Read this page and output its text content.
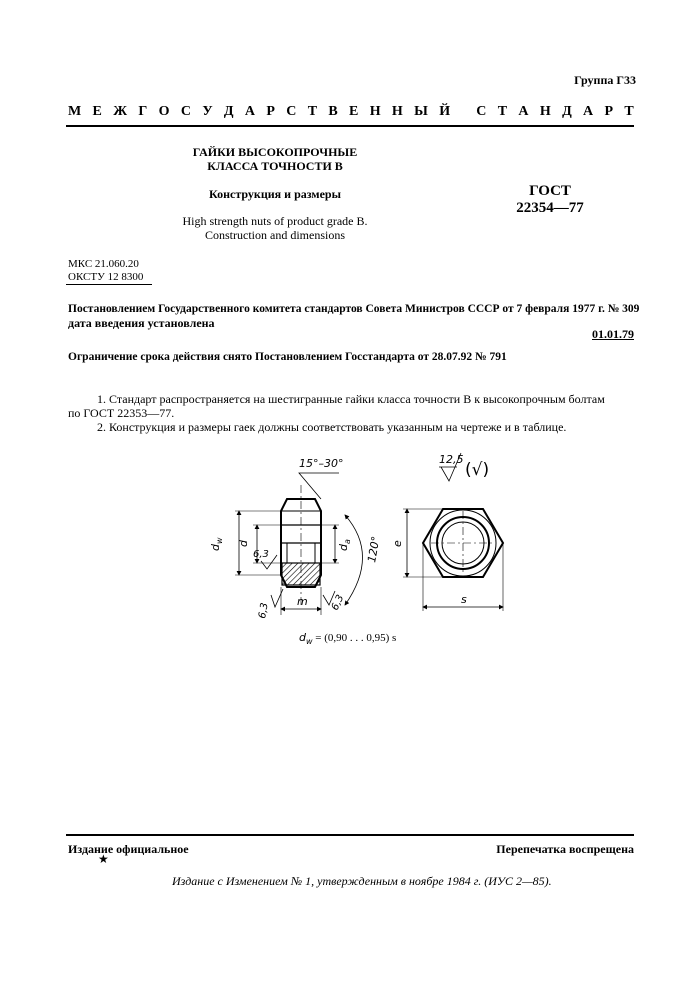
Группа Г33
М Е Ж Г О С У Д А Р С Т В Е Н Н Ы Й
С Т А Н Д А Р Т
ГАЙКИ ВЫСОКОПРОЧНЫЕ
КЛАССА ТОЧНОСТИ В
Конструкция и размеры
High strength nuts of product grade B.
Construction and dimensions
ГОСТ
22354—77
МКС 21.060.20
ОКСТУ 12 8300
Постановлением Государственного комитета стандартов Совета Министров СССР от 7 февраля 1977 г. № 309
дата введения установлена
01.01.79
Ограничение срока действия снято Постановлением Госстандарта от 28.07.92 № 791
1. Стандарт распространяется на шестигранные гайки класса точности В к высокопрочным болтам
по ГОСТ 22353—77.
2. Конструкция и размеры гаек должны соответствовать указанным на чертеже и в таблице.
15°–30°
$d_w$ d
$d_a$ 120°
6,3
m
6,3	6,3
e
s
12,5
(√)
$d_w = (0,90$ . . . 0,95) s
Издание официальное
★
Перепечатка воспрещена
Издание с Изменением № 1, утвержденным в ноябре 1984 г. (ИУС 2—85).
